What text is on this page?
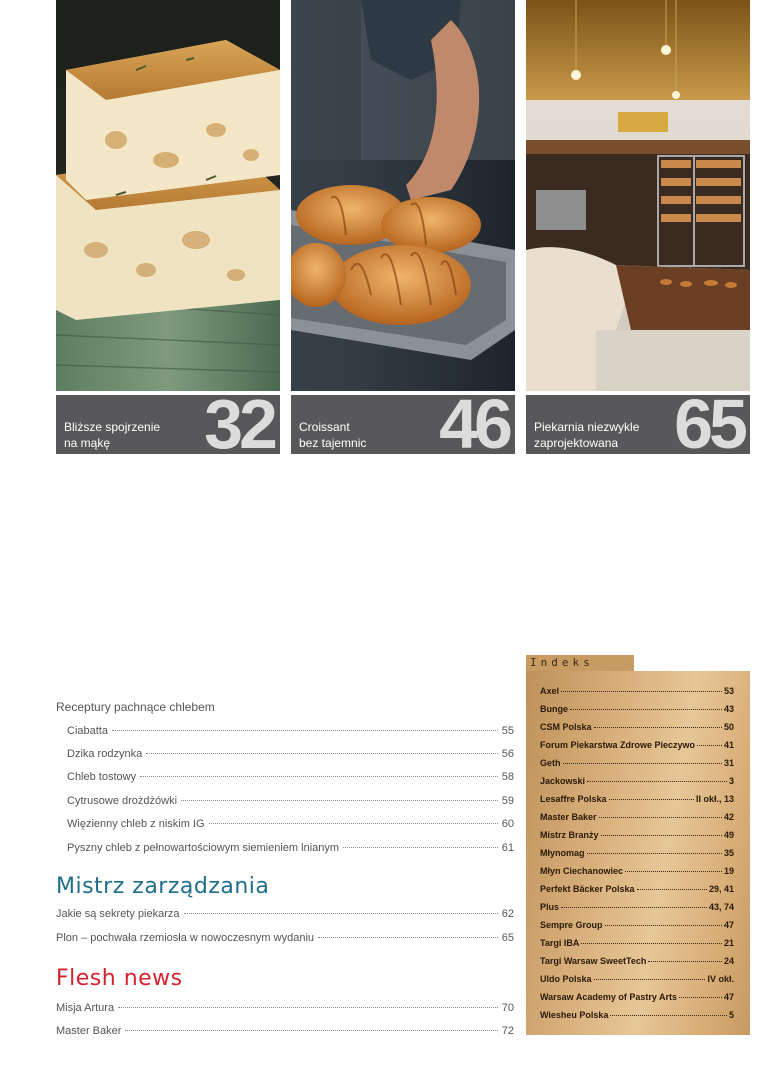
Bliższe spojrzenie
na mąkę	32 Croissant
bez tajemnic	46 Piekarnia niezwykle
zaprojektowana 65
Receptury pachnące chlebem
Ciabatta	55
Dzika rodzynka	56
Chleb tostowy	58
Cytrusowe drożdżówki	59
Więzienny chleb z niskim IG	60
Pyszny chleb z pełnowartościowym siemieniem lnianym	61
Mistrz zarządzania
Jakie są sekrety piekarza	62
Plon – pochwała rzemiosła w nowoczesnym wydaniu	65
Flesh news
Misja Artura	70
Master Baker	72
Indeks
Axel	53
Bunge	43
CSM Polska	50
Forum Piekarstwa Zdrowe Pieczywo	41
Geth	31
Jackowski	3
Lesaffre Polska	II okł., 13
Master Baker	42
Mistrz Branży	49
Młynomag	35
Młyn Ciechanowiec	19
Perfekt Bäcker Polska	29, 41
Plus	43, 74
Sempre Group	47
Targi IBA	21
Targi Warsaw SweetTech	24
Uldo Polska	IV okł.
Warsaw Academy of Pastry Arts	47
Wiesheu Polska	5
